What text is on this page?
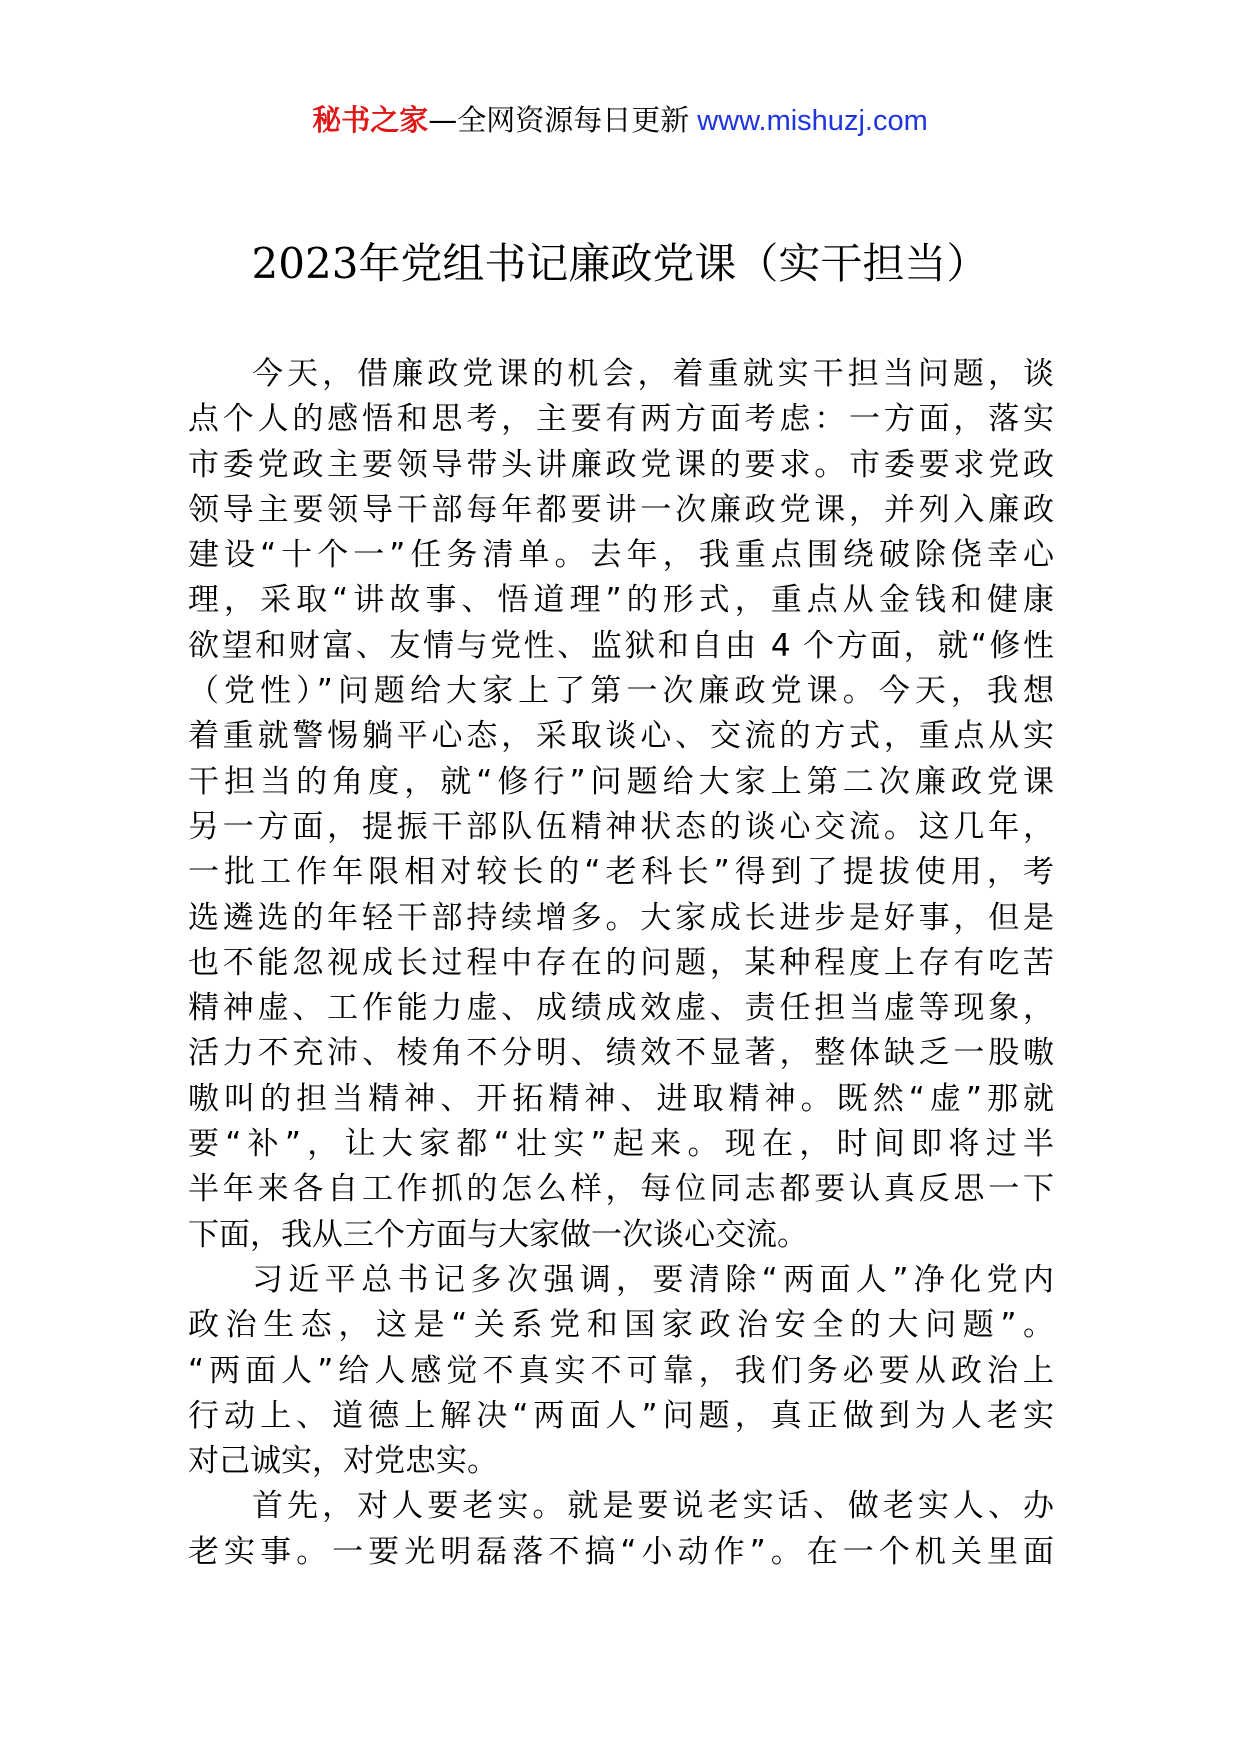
秘书之家—全网资源每日更新 www.mishuzj.com
2023年党组书记廉政党课（实干担当）
今天，借廉政党课的机会，着重就实干担当问题，谈
点个人的感悟和思考，主要有两方面考虑：一方面，落实
市委党政主要领导带头讲廉政党课的要求。市委要求党政
领导主要领导干部每年都要讲一次廉政党课，并列入廉政
建设“十个一”任务清单。去年，我重点围绕破除侥幸心
理，采取“讲故事、悟道理”的形式，重点从金钱和健康
欲望和财富、友情与党性、监狱和自由 4 个方面，就“修性
（党性）”问题给大家上了第一次廉政党课。今天，我想
着重就警惕躺平心态，采取谈心、交流的方式，重点从实
干担当的角度，就“修行”问题给大家上第二次廉政党课
另一方面，提振干部队伍精神状态的谈心交流。这几年，
一批工作年限相对较长的“老科长”得到了提拔使用，考
选遴选的年轻干部持续增多。大家成长进步是好事，但是
也不能忽视成长过程中存在的问题，某种程度上存有吃苦
精神虚、工作能力虚、成绩成效虚、责任担当虚等现象，
活力不充沛、棱角不分明、绩效不显著，整体缺乏一股嗷
嗷叫的担当精神、开拓精神、进取精神。既然“虚”那就
要“补”，让大家都“壮实”起来。现在，时间即将过半
半年来各自工作抓的怎么样，每位同志都要认真反思一下
下面，我从三个方面与大家做一次谈心交流。
习近平总书记多次强调，要清除“两面人”净化党内
政治生态，这是“关系党和国家政治安全的大问题”。
“两面人”给人感觉不真实不可靠，我们务必要从政治上
行动上、道德上解决“两面人”问题，真正做到为人老实
对己诚实，对党忠实。
首先，对人要老实。就是要说老实话、做老实人、办
老实事。一要光明磊落不搞“小动作”。在一个机关里面
